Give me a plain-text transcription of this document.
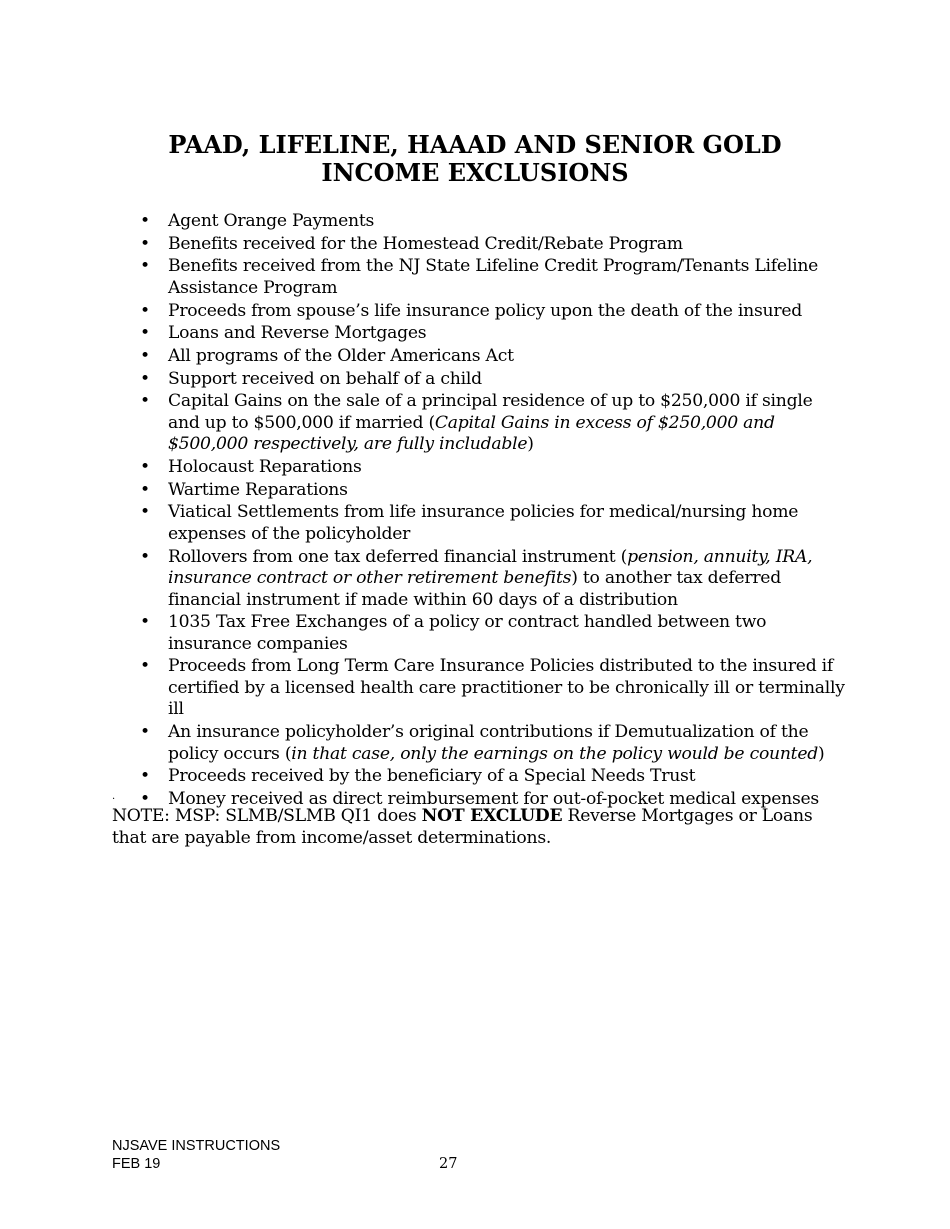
PAAD, LIFELINE, HAAAD AND SENIOR GOLD
INCOME EXCLUSIONS
• Agent Orange Payments
• Benefits received for the Homestead Credit/Rebate Program
• Benefits received from the NJ State Lifeline Credit Program/Tenants Lifeline Assistance Program
• Proceeds from spouse’s life insurance policy upon the death of the insured
• Loans and Reverse Mortgages
• All programs of the Older Americans Act
• Support received on behalf of a child
• Capital Gains on the sale of a principal residence of up to $250,000 if single and up to $500,000 if married (Capital Gains in excess of $250,000 and $500,000 respectively, are fully includable)
• Holocaust Reparations
• Wartime Reparations
• Viatical Settlements from life insurance policies for medical/nursing home expenses of the policyholder
• Rollovers from one tax deferred financial instrument (pension, annuity, IRA, insurance contract or other retirement benefits) to another tax deferred financial instrument if made within 60 days of a distribution
• 1035 Tax Free Exchanges of a policy or contract handled between two insurance companies
• Proceeds from Long Term Care Insurance Policies distributed to the insured if certified by a licensed health care practitioner to be chronically ill or terminally ill
• An insurance policyholder’s original contributions if Demutualization of the policy occurs (in that case, only the earnings on the policy would be counted)
• Proceeds received by the beneficiary of a Special Needs Trust
• Money received as direct reimbursement for out-of-pocket medical expenses
.

NOTE: MSP: SLMB/SLMB QI1 does NOT EXCLUDE Reverse Mortgages or Loans that are payable from income/asset determinations.

NJSAVE INSTRUCTIONS
FEB 19	27
